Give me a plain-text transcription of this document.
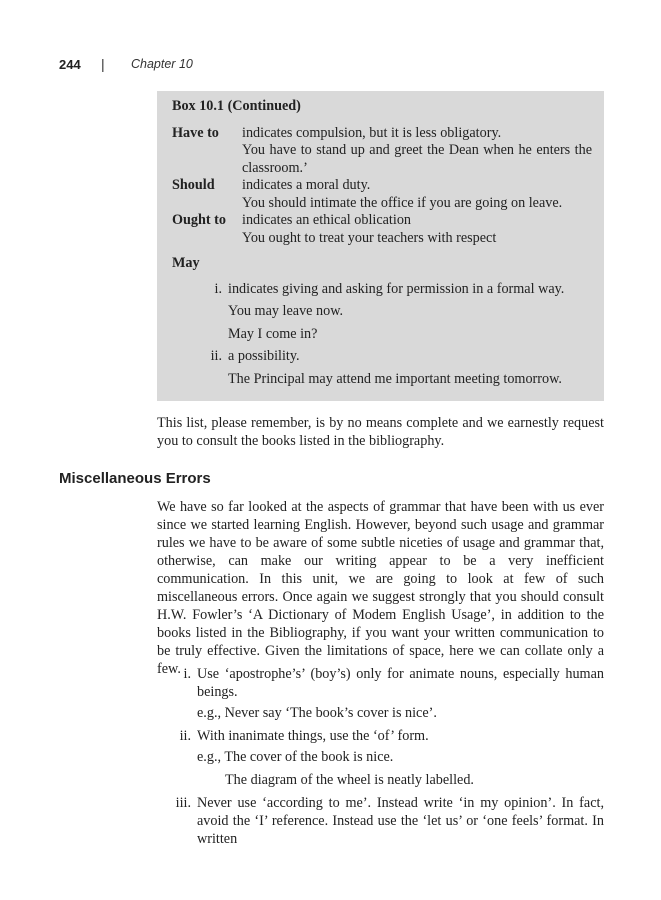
244 | Chapter 10
Box 10.1 (Continued)
Have to	indicates compulsion, but it is less obligatory.
You have to stand up and greet the Dean when he enters the classroom.’
Should	indicates a moral duty.
You should intimate the office if you are going on leave.
Ought to	indicates an ethical oblication
You ought to treat your teachers with respect
May
i. indicates giving and asking for permission in a formal way.
You may leave now.
May I come in?
ii. a possibility.
The Principal may attend me important meeting tomorrow.
This list, please remember, is by no means complete and we earnestly request you to consult the books listed in the bibliography.
Miscellaneous Errors
We have so far looked at the aspects of grammar that have been with us ever since we started learning English. However, beyond such usage and grammar rules we have to be aware of some subtle niceties of usage and grammar that, otherwise, can make our writing appear to be a very inefficient communication. In this unit, we are going to look at few of such miscellaneous errors. Once again we suggest strongly that you should consult H.W. Fowler’s ‘A Dictionary of Modem English Usage’, in addition to the books listed in the Bibliography, if you want your written communication to be truly effective. Given the limitations of space, here we can collate only a few. i. Use ‘apostrophe’s’ (boy’s) only for animate nouns, especially human beings.
e.g., Never say ‘The book’s cover is nice’.
ii. With inanimate things, use the ‘of’ form.
e.g., The cover of the book is nice.
The diagram of the wheel is neatly labelled.
iii. Never use ‘according to me’. Instead write ‘in my opinion’. In fact, avoid the ‘I’ reference. Instead use the ‘let us’ or ‘one feels’ format. In written
